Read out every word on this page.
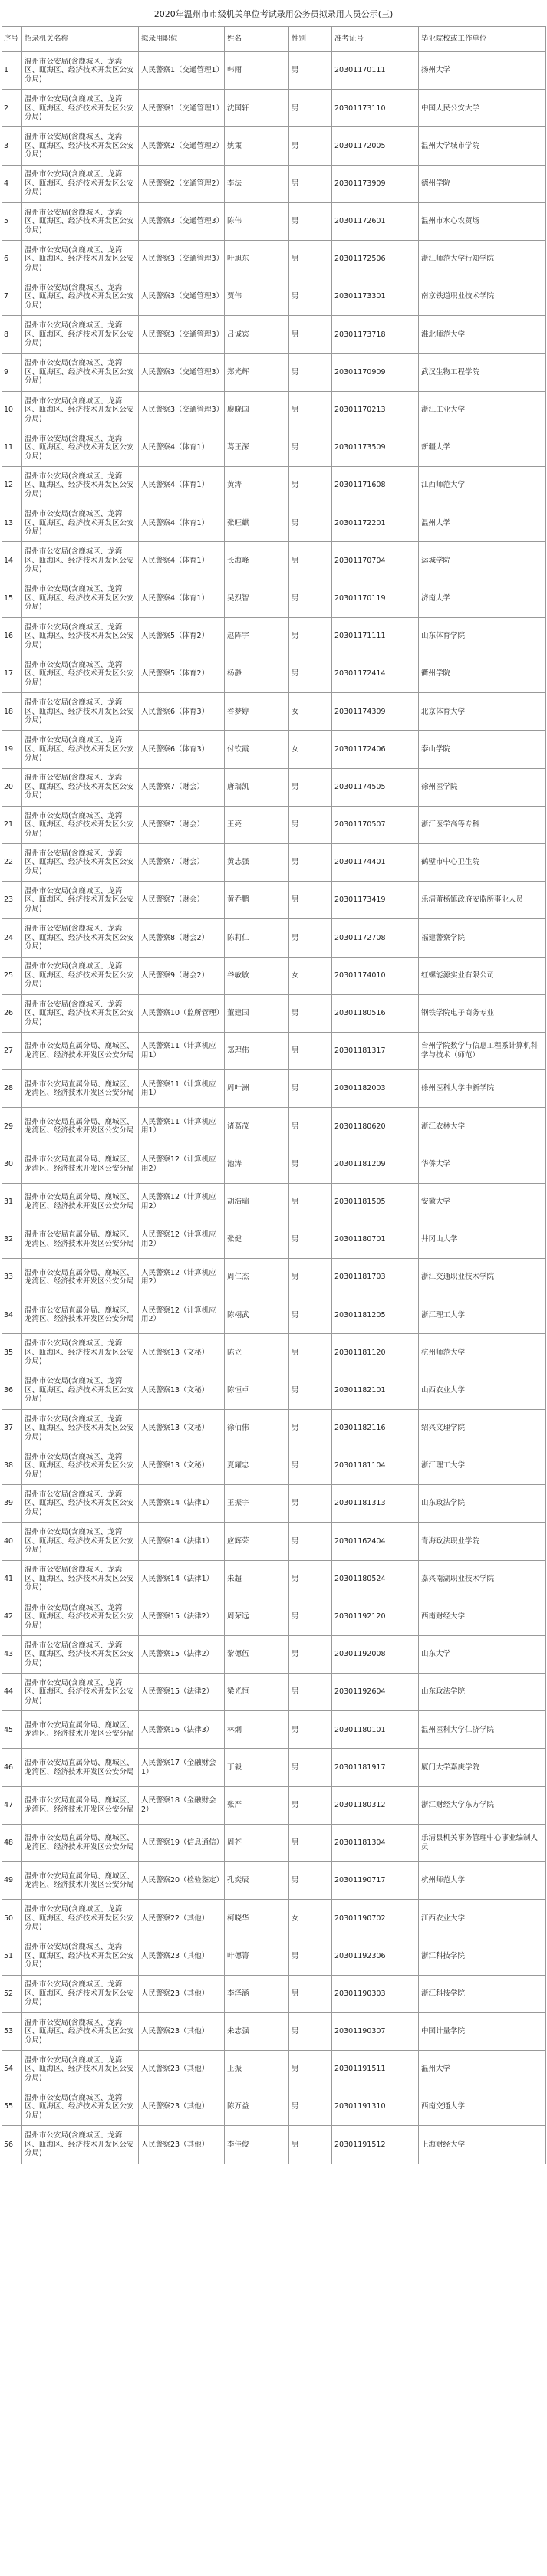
2020年温州市市级机关单位考试录用公务员拟录用人员公示(三)
序号	招录机关名称	拟录用职位	姓名	性别	准考证号	毕业院校或工作单位
1	温州市公安局(含鹿城区、龙湾区、瓯海区、经济技术开发区公安分局)	人民警察1（交通管理1）	韩雨	男	20301170111	扬州大学
2	温州市公安局(含鹿城区、龙湾区、瓯海区、经济技术开发区公安分局)	人民警察1（交通管理1）	沈国轩	男	20301173110	中国人民公安大学
3	温州市公安局(含鹿城区、龙湾区、瓯海区、经济技术开发区公安分局)	人民警察2（交通管理2）	姚策	男	20301172005	温州大学城市学院
4	温州市公安局(含鹿城区、龙湾区、瓯海区、经济技术开发区公安分局)	人民警察2（交通管理2）	李法	男	20301173909	德州学院
5	温州市公安局(含鹿城区、龙湾区、瓯海区、经济技术开发区公安分局)	人民警察3（交通管理3）	陈伟	男	20301172601	温州市水心农贸场
6	温州市公安局(含鹿城区、龙湾区、瓯海区、经济技术开发区公安分局)	人民警察3（交通管理3）	叶旭东	男	20301172506	浙江师范大学行知学院
7	温州市公安局(含鹿城区、龙湾区、瓯海区、经济技术开发区公安分局)	人民警察3（交通管理3）	贾伟	男	20301173301	南京铁道职业技术学院
8	温州市公安局(含鹿城区、龙湾区、瓯海区、经济技术开发区公安分局)	人民警察3（交通管理3）	吕诚宾	男	20301173718	淮北师范大学
9	温州市公安局(含鹿城区、龙湾区、瓯海区、经济技术开发区公安分局)	人民警察3（交通管理3）	郑光辉	男	20301170909	武汉生物工程学院
10	温州市公安局(含鹿城区、龙湾区、瓯海区、经济技术开发区公安分局)	人民警察3（交通管理3）	廖晓国	男	20301170213	浙江工业大学
11	温州市公安局(含鹿城区、龙湾区、瓯海区、经济技术开发区公安分局)	人民警察4（体育1）	葛王深	男	20301173509	新疆大学
12	温州市公安局(含鹿城区、龙湾区、瓯海区、经济技术开发区公安分局)	人民警察4（体育1）	黄涛	男	20301171608	江西师范大学
13	温州市公安局(含鹿城区、龙湾区、瓯海区、经济技术开发区公安分局)	人民警察4（体育1）	张旺麒	男	20301172201	温州大学
14	温州市公安局(含鹿城区、龙湾区、瓯海区、经济技术开发区公安分局)	人民警察4（体育1）	长海峰	男	20301170704	运城学院
15	温州市公安局(含鹿城区、龙湾区、瓯海区、经济技术开发区公安分局)	人民警察4（体育1）	吴烈智	男	20301170119	济南大学
16	温州市公安局(含鹿城区、龙湾区、瓯海区、经济技术开发区公安分局)	人民警察5（体育2）	赵阵宇	男	20301171111	山东体育学院
17	温州市公安局(含鹿城区、龙湾区、瓯海区、经济技术开发区公安分局)	人民警察5（体育2）	杨静	男	20301172414	衢州学院
18	温州市公安局(含鹿城区、龙湾区、瓯海区、经济技术开发区公安分局)	人民警察6（体育3）	谷梦婷	女	20301174309	北京体育大学
19	温州市公安局(含鹿城区、龙湾区、瓯海区、经济技术开发区公安分局)	人民警察6（体育3）	付钦霞	女	20301172406	泰山学院
20	温州市公安局(含鹿城区、龙湾区、瓯海区、经济技术开发区公安分局)	人民警察7（财会）	唐瑞凯	男	20301174505	徐州医学院
21	温州市公安局(含鹿城区、龙湾区、瓯海区、经济技术开发区公安分局)	人民警察7（财会）	王亮	男	20301170507	浙江医学高等专科
22	温州市公安局(含鹿城区、龙湾区、瓯海区、经济技术开发区公安分局)	人民警察7（财会）	黄志强	男	20301174401	鹤壁市中心卫生院
23	温州市公安局(含鹿城区、龙湾区、瓯海区、经济技术开发区公安分局)	人民警察7（财会）	黄乔鹏	男	20301173419	乐清莆杨镇政府安监所事业人员
24	温州市公安局(含鹿城区、龙湾区、瓯海区、经济技术开发区公安分局)	人民警察8（财会2）	陈莉仁	男	20301172708	福建警察学院
25	温州市公安局(含鹿城区、龙湾区、瓯海区、经济技术开发区公安分局)	人民警察9（财会2）	谷敏敏	女	20301174010	红螺能源实业有限公司
26	温州市公安局(含鹿城区、龙湾区、瓯海区、经济技术开发区公安分局)	人民警察10（监所管理）	董建国	男	20301180516	钢铁学院电子商务专业
27	温州市公安局直属分局、鹿城区、龙湾区、经济技术开发区公安分局	人民警察11（计算机应用1）	郑理伟	男	20301181317	台州学院数学与信息工程系计算机科学与技术（师范）
28	温州市公安局直属分局、鹿城区、龙湾区、经济技术开发区公安分局	人民警察11（计算机应用1）	周叶洲	男	20301182003	徐州医科大学中新学院
29	温州市公安局直属分局、鹿城区、龙湾区、经济技术开发区公安分局	人民警察11（计算机应用1）	诸葛茂	男	20301180620	浙江农林大学
30	温州市公安局直属分局、鹿城区、龙湾区、经济技术开发区公安分局	人民警察12（计算机应用2）	池涛	男	20301181209	华侨大学
31	温州市公安局直属分局、鹿城区、龙湾区、经济技术开发区公安分局	人民警察12（计算机应用2）	胡浩瑞	男	20301181505	安徽大学
32	温州市公安局直属分局、鹿城区、龙湾区、经济技术开发区公安分局	人民警察12（计算机应用2）	张健	男	20301180701	井冈山大学
33	温州市公安局直属分局、鹿城区、龙湾区、经济技术开发区公安分局	人民警察12（计算机应用2）	周仁杰	男	20301181703	浙江交通职业技术学院
34	温州市公安局直属分局、鹿城区、龙湾区、经济技术开发区公安分局	人民警察12（计算机应用2）	陈栩武	男	20301181205	浙江理工大学
35	温州市公安局(含鹿城区、龙湾区、瓯海区、经济技术开发区公安分局)	人民警察13（文秘）	陈立	男	20301181120	杭州师范大学
36	温州市公安局(含鹿城区、龙湾区、瓯海区、经济技术开发区公安分局)	人民警察13（文秘）	陈恒卓	男	20301182101	山西农业大学
37	温州市公安局(含鹿城区、龙湾区、瓯海区、经济技术开发区公安分局)	人民警察13（文秘）	徐佰伟	男	20301182116	绍兴文理学院
38	温州市公安局(含鹿城区、龙湾区、瓯海区、经济技术开发区公安分局)	人民警察13（文秘）	夏耀忠	男	20301181104	浙江理工大学
39	温州市公安局(含鹿城区、龙湾区、瓯海区、经济技术开发区公安分局)	人民警察14（法律1）	王振宇	男	20301181313	山东政法学院
40	温州市公安局(含鹿城区、龙湾区、瓯海区、经济技术开发区公安分局)	人民警察14（法律1）	应辉荣	男	20301162404	青海政法职业学院
41	温州市公安局(含鹿城区、龙湾区、瓯海区、经济技术开发区公安分局)	人民警察14（法律1）	朱超	男	20301180524	嘉兴南湖职业技术学院
42	温州市公安局(含鹿城区、龙湾区、瓯海区、经济技术开发区公安分局)	人民警察15（法律2）	周荣远	男	20301192120	西南财经大学
43	温州市公安局(含鹿城区、龙湾区、瓯海区、经济技术开发区公安分局)	人民警察15（法律2）	黎德伍	男	20301192008	山东大学
44	温州市公安局(含鹿城区、龙湾区、瓯海区、经济技术开发区公安分局)	人民警察15（法律2）	梁光恒	男	20301192604	山东政法学院
45	温州市公安局直属分局、鹿城区、龙湾区、经济技术开发区公安分局	人民警察16（法律3）	林炯	男	20301180101	温州医科大学仁济学院
46	温州市公安局直属分局、鹿城区、龙湾区、经济技术开发区公安分局	人民警察17（金融财会1）	丁毅	男	20301181917	厦门大学嘉庚学院
47	温州市公安局直属分局、鹿城区、龙湾区、经济技术开发区公安分局	人民警察18（金融财会2）	张严	男	20301180312	浙江财经大学东方学院
48	温州市公安局直属分局、鹿城区、龙湾区、经济技术开发区公安分局	人民警察19（信息通信）	周芥	男	20301181304	乐清县机关事务管理中心事业编制人员
49	温州市公安局直属分局、鹿城区、龙湾区、经济技术开发区公安分局	人民警察20（检验鉴定）	孔奕辰	男	20301190717	杭州师范大学
50	温州市公安局(含鹿城区、龙湾区、瓯海区、经济技术开发区公安分局)	人民警察22（其他）	柯晓华	女	20301190702	江西农业大学
51	温州市公安局(含鹿城区、龙湾区、瓯海区、经济技术开发区公安分局)	人民警察23（其他）	叶德箐	男	20301192306	浙江科技学院
52	温州市公安局(含鹿城区、龙湾区、瓯海区、经济技术开发区公安分局)	人民警察23（其他）	李泽涵	男	20301190303	浙江科技学院
53	温州市公安局(含鹿城区、龙湾区、瓯海区、经济技术开发区公安分局)	人民警察23（其他）	朱志强	男	20301190307	中国计量学院
54	温州市公安局(含鹿城区、龙湾区、瓯海区、经济技术开发区公安分局)	人民警察23（其他）	王振	男	20301191511	温州大学
55	温州市公安局(含鹿城区、龙湾区、瓯海区、经济技术开发区公安分局)	人民警察23（其他）	陈万益	男	20301191310	西南交通大学
56	温州市公安局(含鹿城区、龙湾区、瓯海区、经济技术开发区公安分局)	人民警察23（其他）	李佳俊	男	20301191512	上海财经大学
